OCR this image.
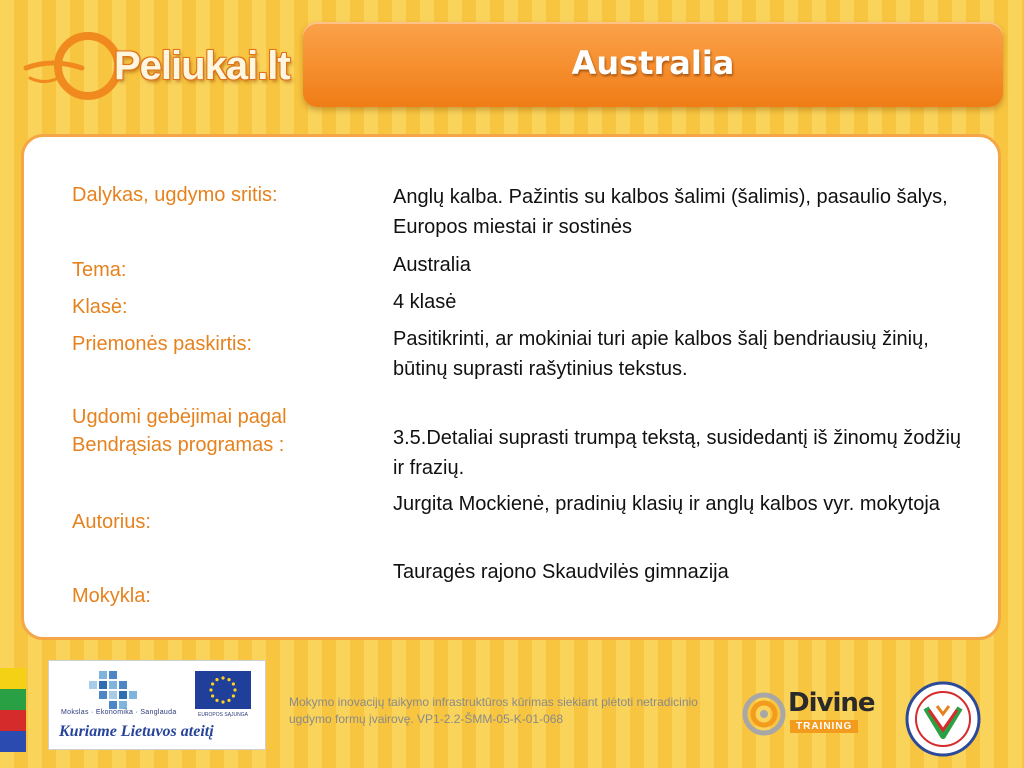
Peliukai.lt	Australia
Dalykas, ugdymo sritis:	Anglų kalba. Pažintis su kalbos šalimi (šalimis), pasaulio šalys, Europos miestai ir sostinės
Tema:	Australia
Klasė:	4 klasė
Priemonės paskirtis:	Pasitikrinti, ar mokiniai turi apie kalbos šalį bendriausių žinių, būtinų suprasti rašytinius tekstus.
Ugdomi gebėjimai pagal Bendrąsias programas :	3.5.Detaliai suprasti trumpą tekstą, susidedantį iš žinomų žodžių ir frazių.
Autorius:
Jurgita Mockienė, pradinių klasių ir anglų kalbos vyr. mokytoja
Mokykla:
Tauragės rajono Skaudvilės gimnazija
Mokslas · Ekonomika · Sanglauda	EUROPOS SĄJUNGA
Kuriame Lietuvos ateitį
Mokymo inovacijų taikymo infrastruktūros kūrimas siekiant plėtoti netradicinio ugdymo formų įvairovę. VP1-2.2-ŠMM-05-K-01-068
Divine
TRAINING
